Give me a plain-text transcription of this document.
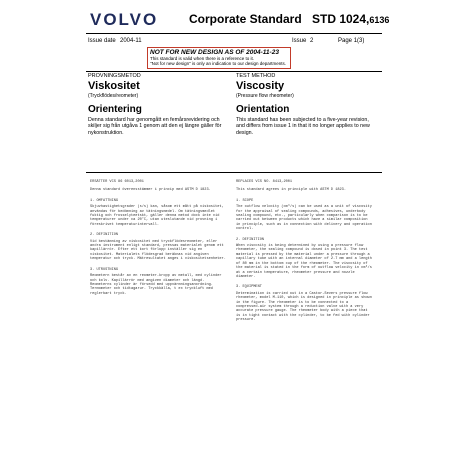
VOLVO	Corporate Standard STD 1024,6136
Issue date 2004-11	Issue 2	Page 1(3)
NOT FOR NEW DESIGN AS OF 2004-11-23
This standard is valid when there is a reference to it.
"Not for new design" is only an indication to our design departments.
PROVNINGSMETOD
Viskositet
(Tryckflödes/reometer)
Orientering
Denna standard har genomgått en femårsrevidering och skiljer sig från utgåva 1 genom att den ej längre gäller för nykonstruktion.
TEST METHOD
Viscosity
(Pressure flow rheometer)
Orientation
This standard has been subjected to a five-year revision, and differs from issue 1 in that it no longer applies to new design.
ERSÄTTER VCS 86 6013,2001
Denna standard överensstämmer i princip med ASTM D 1823.
1. OMFATTNING
Skjuvhastighetsgrader (s/s) kan, såsom ett mått på viskositet, användas för bedömning av tätningsmedel. Om tätningsmedlet fuktig och frosselyteetskt, gäller denna metod dock inte vid temperaturer under ca 20°C, utan uteslutande vid provning i föreskrivet temperaturintervall.
2. DEFINITION
Vid bestämning av viskositet med tryckflödesreometer, eller andra instrument enligt standard, pressas materialet genom ett kapillärrör. Efter ett kort förlopp inställer sig en viskositet. Materialets flödesgrad beräknas vid angiven temperatur och tryck. Mätresultatet anges i viskositetsenheter.
3. UTRUSTNING
Reometern består av en reometer-kropp av metall, med cylinder och kolv. Kapillärrör med angiven diameter och längd. Reometerns cylinder är försedd med uppvärmningsanordning. Termometer och tidtagarur. Tryckkälla, t ex tryckluft med reglerbart tryck.
REPLACES VCS NO. 8413,2001
This standard agrees in principle with ASTM D 1823.
1. SCOPE
The outflow velocity (cm³/s) can be used as a unit of viscosity for the appraisal of sealing compounds, adhesives, underbody sealing compound, etc., particularly when comparison is to be carried out between products which have a similar composition in principle, such as in connection with delivery and operation control.
2. DEFINITION
When viscosity is being determined by using a pressure flow rheometer, the sealing compound is dosed in point 3. The test material is pressed by the material under a pressure through a capillary tube with an internal diameter of 2.7 mm and a length of 80 mm in the bottom cup of the rheometer. The viscosity of the material is stated in the form of outflow velocity in cm³/s at a certain temperature, rheometer pressure and nozzle diameter.
3. EQUIPMENT
Determination is carried out in a Castor-Severs pressure flow rheometer, model M-110, which is designed in principle as shown in the figure. The rheometer is to be connected to a compressed-air system through a reduction valve with a very accurate pressure gauge. The rheometer body with a piece that is in tight contact with the cylinder, to be fed with cylinder pressure.
